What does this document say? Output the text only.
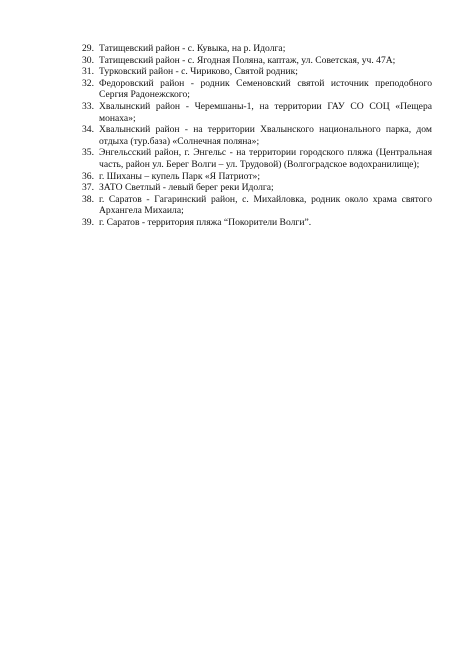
29. Татищевский район - с. Кувыка, на р. Идолга;
30. Татищевский район - с. Ягодная Поляна, каптаж, ул. Советская, уч. 47А;
31. Турковский район - с. Чириково, Святой родник;
32. Федоровский район - родник Семеновский святой источник преподобного Сергия Радонежского;
33. Хвалынский район - Черемшаны-1, на территории ГАУ СО СОЦ «Пещера монаха»;
34. Хвалынский район - на территории Хвалынского национального парка, дом отдыха (тур.база) «Солнечная поляна»;
35. Энгельсский район, г. Энгельс - на территории городского пляжа (Центральная часть, район ул. Берег Волги – ул. Трудовой) (Волгоградское водохранилище);
36. г. Шиханы – купель Парк «Я Патриот»;
37. ЗАТО Светлый - левый берег реки Идолга;
38. г. Саратов - Гагаринский район, с. Михайловка, родник около храма святого Архангела Михаила;
39. г. Саратов - территория пляжа “Покорители Волги”.
